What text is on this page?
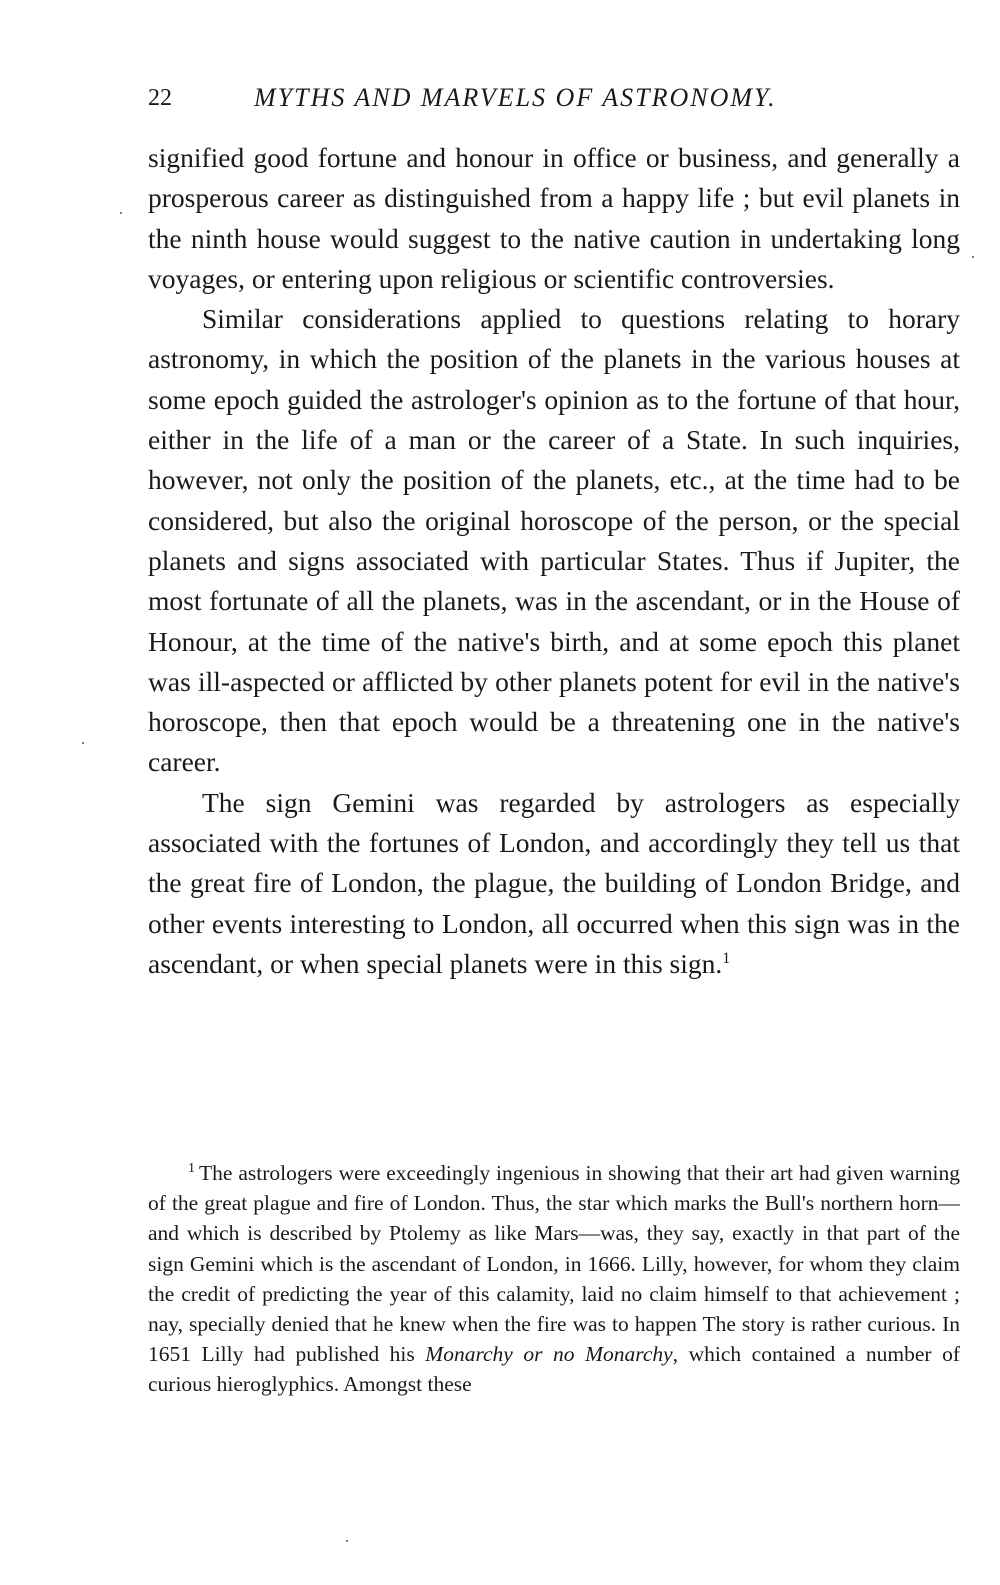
22	MYTHS AND MARVELS OF ASTRONOMY.

signified good fortune and honour in office or business, and generally a prosperous career as distinguished from a happy life ; but evil planets in the ninth house would suggest to the native caution in undertaking long voyages, or entering upon religious or scientific controversies.

Similar considerations applied to questions relating to horary astronomy, in which the position of the planets in the various houses at some epoch guided the astrologer's opinion as to the fortune of that hour, either in the life of a man or the career of a State. In such inquiries, however, not only the position of the planets, etc., at the time had to be considered, but also the original horoscope of the person, or the special planets and signs associated with particular States. Thus if Jupiter, the most fortunate of all the planets, was in the ascendant, or in the House of Honour, at the time of the native's birth, and at some epoch this planet was ill-aspected or afflicted by other planets potent for evil in the native's horoscope, then that epoch would be a threatening one in the native's career.

The sign Gemini was regarded by astrologers as especially associated with the fortunes of London, and accordingly they tell us that the great fire of London, the plague, the building of London Bridge, and other events interesting to London, all occurred when this sign was in the ascendant, or when special planets were in this sign.$^1$

$^1$ The astrologers were exceedingly ingenious in showing that their art had given warning of the great plague and fire of London. Thus, the star which marks the Bull's northern horn—and which is described by Ptolemy as like Mars—was, they say, exactly in that part of the sign Gemini which is the ascendant of London, in 1666. Lilly, however, for whom they claim the credit of predicting the year of this calamity, laid no claim himself to that achievement ; nay, specially denied that he knew when the fire was to happen The story is rather curious. In 1651 Lilly had published his Monarchy or no Monarchy, which contained a number of curious hieroglyphics. Amongst these
